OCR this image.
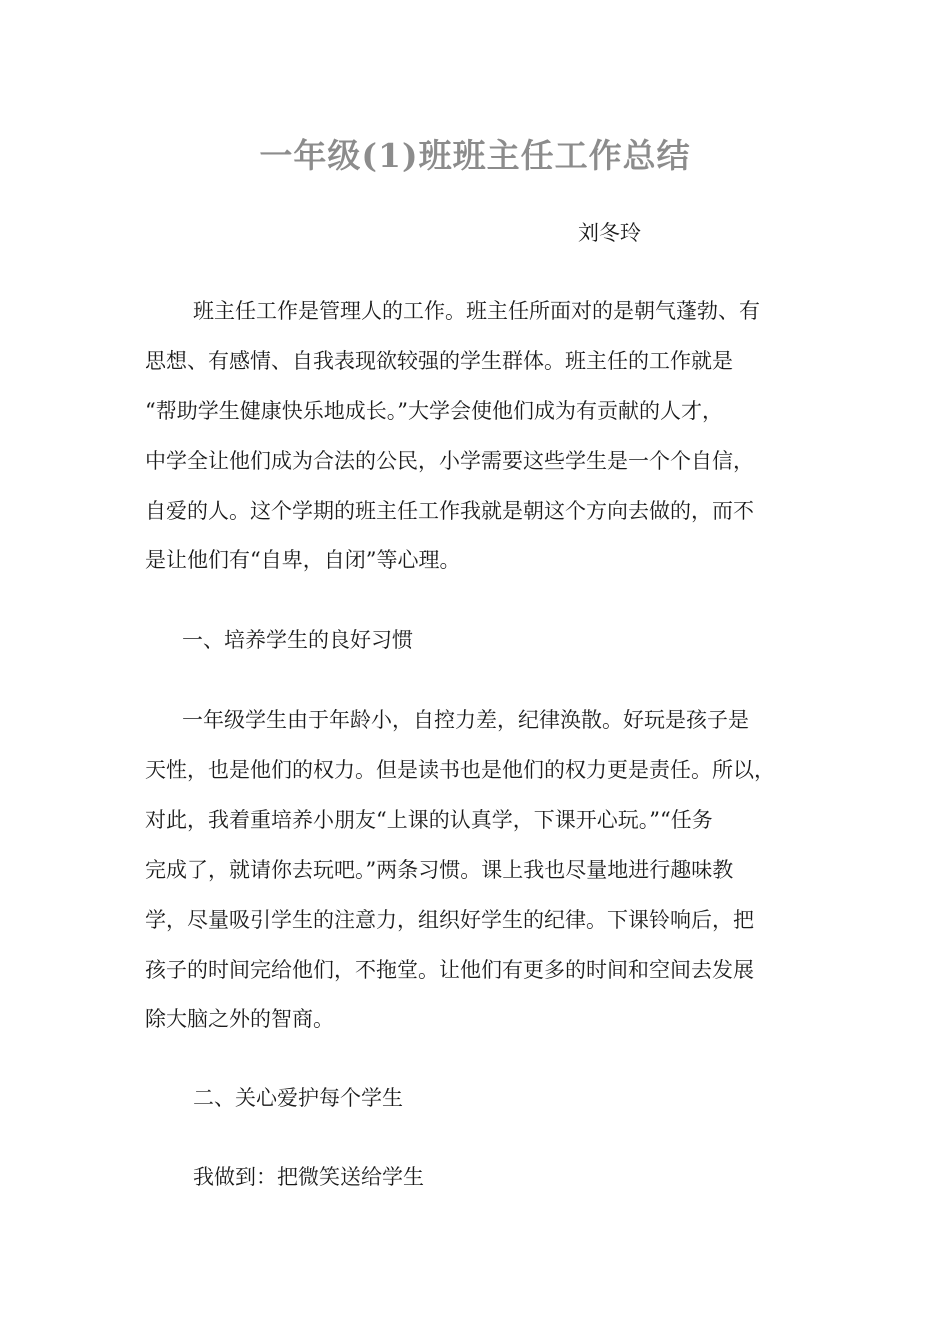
一年级(1)班班主任工作总结
刘冬玲
班主任工作是管理人的工作。班主任所面对的是朝气蓬勃、有
思想、有感情、自我表现欲较强的学生群体。班主任的工作就是
“帮助学生健康快乐地成长。”大学会使他们成为有贡献的人才，
中学全让他们成为合法的公民，小学需要这些学生是一个个自信，
自爱的人。这个学期的班主任工作我就是朝这个方向去做的，而不
是让他们有“自卑，自闭”等心理。
一、培养学生的良好习惯
一年级学生由于年龄小，自控力差，纪律涣散。好玩是孩子是
天性，也是他们的权力。但是读书也是他们的权力更是责任。所以，
对此，我着重培养小朋友“上课的认真学，下课开心玩。”“任务
完成了，就请你去玩吧。”两条习惯。课上我也尽量地进行趣味教
学，尽量吸引学生的注意力，组织好学生的纪律。下课铃响后，把
孩子的时间完给他们，不拖堂。让他们有更多的时间和空间去发展
除大脑之外的智商。
二、关心爱护每个学生
我做到：把微笑送给学生
